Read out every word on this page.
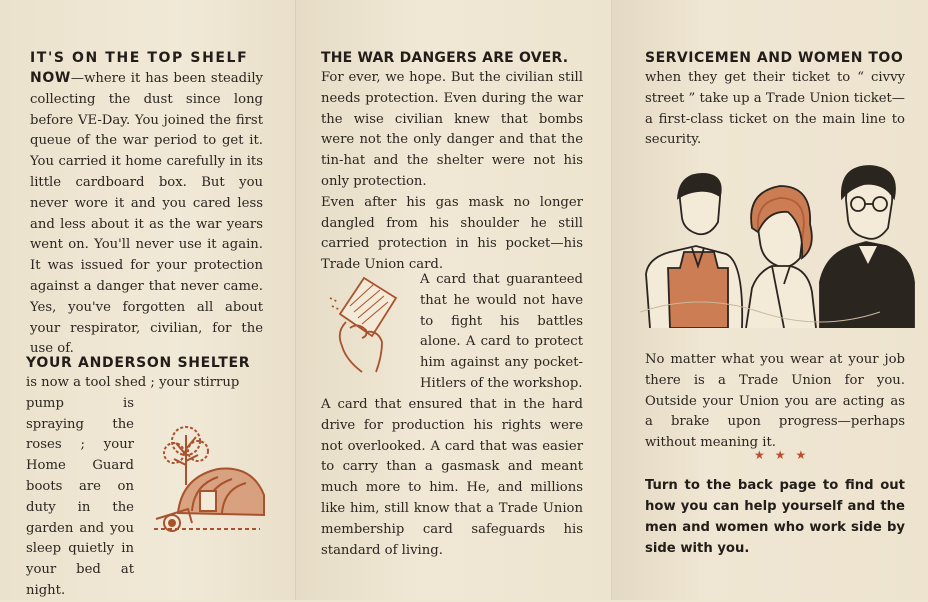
IT'S ON THE TOP SHELF

NOW—where it has been steadily collecting the dust since long before VE-Day. You joined the first queue of the war period to get it. You carried it home carefully in its little cardboard box. But you never wore it and you cared less and less about it as the war years went on. You'll never use it again. It was issued for your protection against a danger that never came. Yes, you've forgotten all about your respirator, civilian, for the use of.

YOUR ANDERSON SHELTER

is now a tool shed ; your stirrup

pump is spraying the roses ; your Home Guard boots are on duty in the garden and you sleep quietly in your bed at night.

THE WAR DANGERS ARE OVER.

For ever, we hope. But the civilian still needs protection. Even during the war the wise civilian knew that bombs were not the only danger and that the tin-hat and the shelter were not his only protection.

Even after his gas mask no longer dangled from his shoulder he still carried protection in his pocket—his Trade Union card.

A card that guaranteed that he would not have to fight his battles alone. A card to protect him against any pocket-Hitlers of the workshop.

A card that ensured that in the hard drive for production his rights were not overlooked. A card that was easier to carry than a gasmask and meant much more to him. He, and millions like him, still know that a Trade Union membership card safeguards his standard of living.

SERVICEMEN AND WOMEN TOO

when they get their ticket to “ civvy street ” take up a Trade Union ticket—a first-class ticket on the main line to security.

No matter what you wear at your job there is a Trade Union for you. Outside your Union you are acting as a brake upon progress—perhaps without meaning it.

★★★

Turn to the back page to find out how you can help yourself and the men and women who work side by side with you.
